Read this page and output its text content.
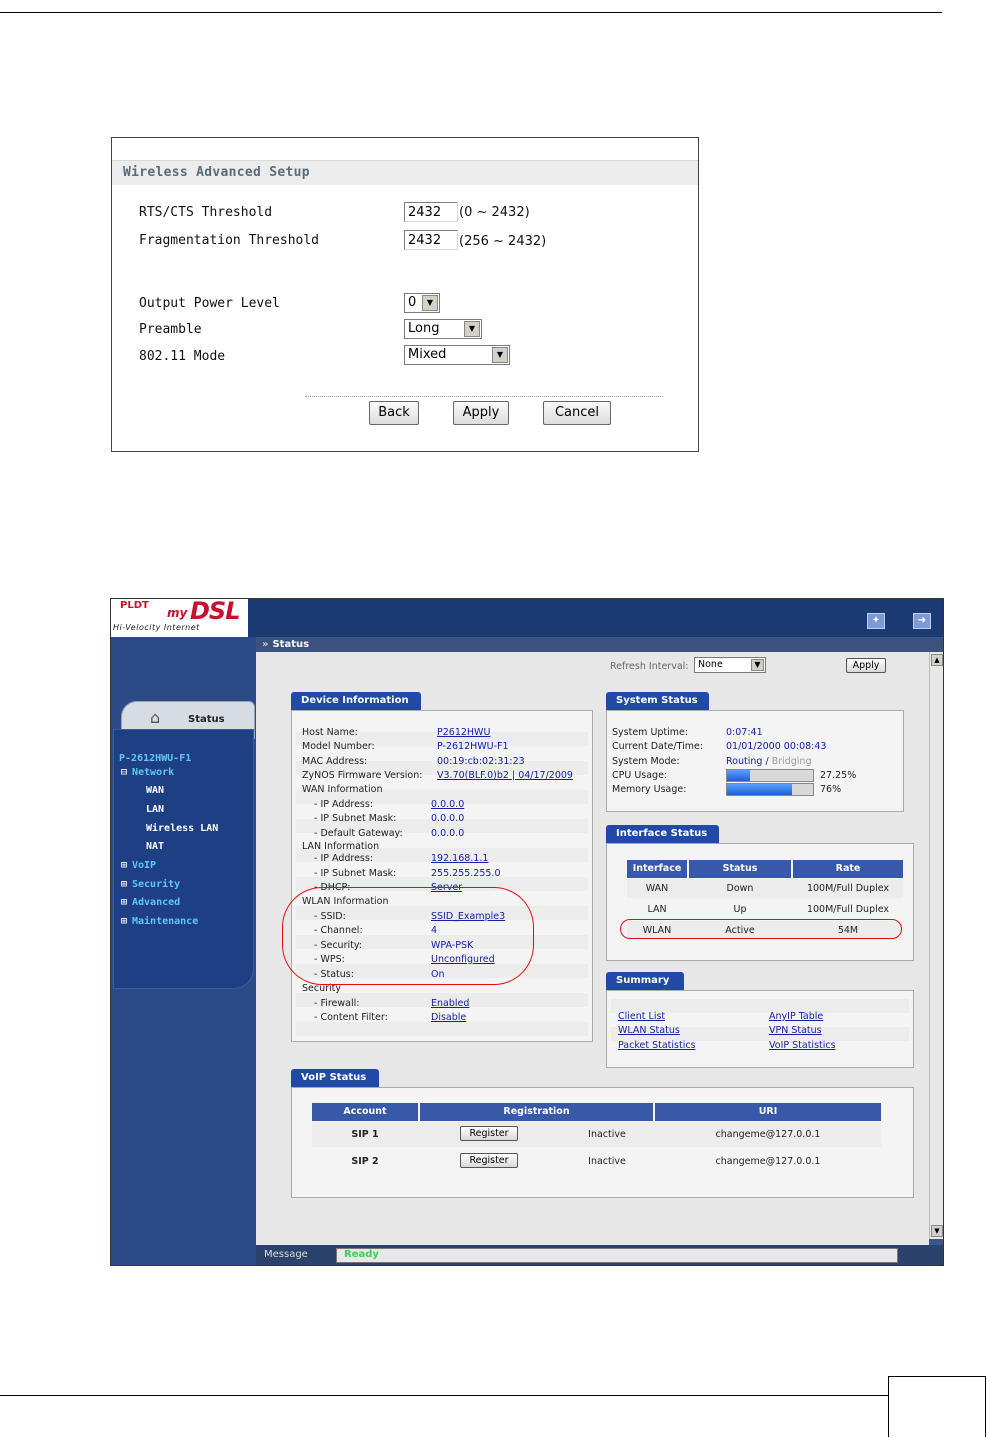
Wireless Advanced Setup
RTS/CTS Threshold	2432	(0 ~ 2432)
Fragmentation Threshold	2432	(256 ~ 2432)
Output Power Level	0	▼
Preamble	Long	▼
802.11 Mode	Mixed	▼
Back	Apply	Cancel
PLDT
my DSL
Hi-Velocity Internet
✦	➜
⌂	Status
P-2612HWU-F1
⊟ Network
WAN
LAN
Wireless LAN
NAT
⊞ VoIP
⊞ Security
⊞ Advanced
⊞ Maintenance
» Status
Refresh Interval:	None	▼	Apply
Device Information
Host Name:	P2612HWU
Model Number:	P-2612HWU-F1
MAC Address:	00:19:cb:02:31:23
ZyNOS Firmware Version: V3.70(BLF.0)b2 | 04/17/2009
WAN Information
- IP Address:	0.0.0.0
- IP Subnet Mask:	0.0.0.0
- Default Gateway:	0.0.0.0
LAN Information
- IP Address:	192.168.1.1
- IP Subnet Mask:	255.255.255.0
- DHCP:	Server
WLAN Information
- SSID:	SSID_Example3
- Channel:	4
- Security:	WPA-PSK
- WPS:	Unconfigured
- Status:	On
Security
- Firewall:	Enabled
- Content Filter:	Disable
System Status
System Uptime:	0:07:41
Current Date/Time: 01/01/2000 00:08:43
System Mode:	Routing / Bridging
CPU Usage:	27.25%
Memory Usage:	76%
Interface Status
Interface	Status	Rate
WAN	Down	100M/Full Duplex
LAN	Up	100M/Full Duplex
WLAN	Active	54M
Summary
Client List	AnyIP Table
WLAN Status	VPN Status
Packet Statistics	VoIP Statistics
VoIP Status
Account	Registration	URI
SIP 1	Register	Inactive	changeme@127.0.0.1
SIP 2	Register	Inactive	changeme@127.0.0.1
▲
▼
Message	Ready
